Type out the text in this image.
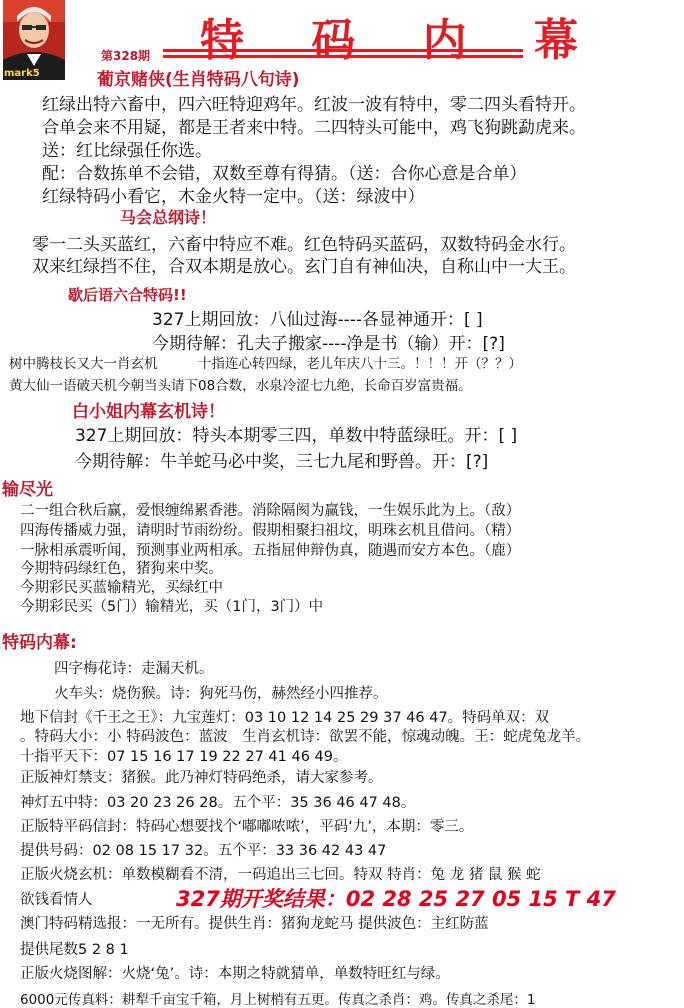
mark5
特 码 内 幕
第328期
葡京赌侠(生肖特码八句诗)
红绿出特六畜中，四六旺特迎鸡年。红波一波有特中，零二四头看特开。
合单会来不用疑，都是王者来中特。二四特头可能中，鸡飞狗跳勐虎来。
送：红比绿强任你选。
配：合数拣单不会错，双数至尊有得猜。（送：合你心意是合单）
红绿特码小看它，木金火特一定中。（送：绿波中）
马会总纲诗！
零一二头买蓝红，六畜中特应不难。红色特码买蓝码，双数特码金水行。
双来红绿挡不住，合双本期是放心。玄门自有神仙决，自称山中一大王。
歇后语六合特码!!
327上期回放：八仙过海----各显神通开：[ ]
今期待解：孔夫子搬家----净是书（输）开：[?]
树中腾枝长又大一肖玄机　　　十指连心转四绿，老儿年庆八十三。！！！开（？？）
黄大仙一语破天机今朝当头请下08合数，水泉冷涩七九绝，长命百岁富贵福。
白小姐内幕玄机诗！
327上期回放：特头本期零三四，单数中特蓝绿旺。开：[ ]
今期待解：牛羊蛇马必中奖，三七九尾和野兽。开：[?]
输尽光
二一组合秋后赢，爱恨缠绵累香港。消除隔阂为赢钱，一生娱乐此为上。（敌）
四海传播威力强，请明时节雨纷纷。假期相聚扫祖坟，明珠玄机且借问。（精）
一脉相承震听闻，预测事业两相承。五指屈伸辩伪真，随遇而安方本色。（鹿）
今期特码绿红色，猪狗来中奖。
今期彩民买蓝输精光，买绿红中
今期彩民买（5门）输精光，买（1门，3门）中
特码内幕:
四字梅花诗：走漏天机。
火车头：烧伤猴。诗：狗死马伤，赫然经小四推荐。
地下信封《千王之王》：九宝莲灯：03 10 12 14 25 29 37 46 47。特码单双：双
。特码大小：小 特码波色：蓝波　生肖玄机诗：欲罢不能，惊魂动魄。王：蛇虎兔龙羊。
十指平天下：07 15 16 17 19 22 27 41 46 49。
正版神灯禁支：猪猴。此乃神灯特码绝杀，请大家参考。
神灯五中特：03 20 23 26 28。五个平：35 36 46 47 48。
正版特平码信封：特码心想要找个‘嘟嘟哝哝’，平码‘九’，本期：零三。
提供号码：02 08 15 17 32。五个平：33 36 42 43 47
正版火烧玄机：单数模糊看不清，一码追出三七回。特双 特肖：兔 龙 猪 鼠 猴 蛇
欲钱看情人	327期开奖结果：02 28 25 27 05 15 T 47
澳门特码精选报：一无所有。提供生肖：猪狗龙蛇马 提供波色：主红防蓝
提供尾数5 2 8 1
正版火烧图解：火烧‘兔’。诗：本期之特就猜单，单数特旺红与绿。
6000元传真料：耕犁千亩宝千箱，月上树梢有五更。传真之杀肖：鸡。传真之杀尾：1
